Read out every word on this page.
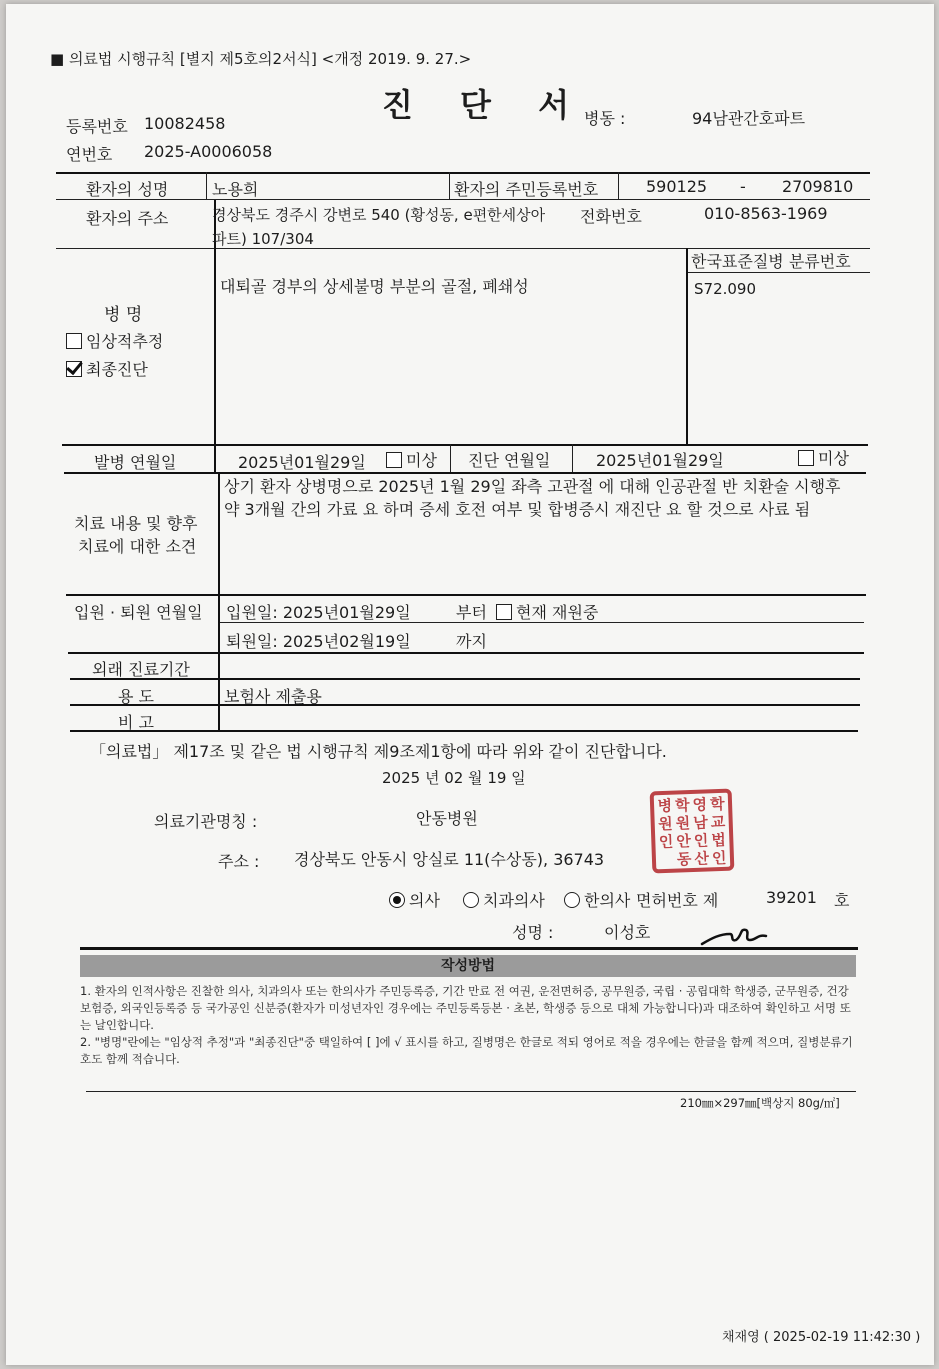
■ 의료법 시행규칙 [별지 제5호의2서식] <개정 2019. 9. 27.>
진 단 서
등록번호 10082458
연번호 2025-A0006058
병동 :	94남관간호파트
환자의 성명	노용희	환자의 주민등록번호	590125 - 2709810
환자의 주소	경상북도 경주시 강변로 540 (황성동, e편한세상아
파트) 107/304
전화번호	010-8563-1969
병 명
임상적추정
최종진단
대퇴골 경부의 상세불명 부분의 골절, 폐쇄성
한국표준질병 분류번호
S72.090
발병 연월일	2025년01월29일	미상 진단 연월일	2025년01월29일	미상
치료 내용 및 향후
치료에 대한 소견
상기 환자 상병명으로 2025년 1월 29일 좌측 고관절 에 대해 인공관절 반 치환술 시행후 약 3개월 간의 가료 요 하며 증세 호전 여부 및 합병증시 재진단 요 할 것으로 사료 됨
입원 · 퇴원 연월일 입원일: 2025년01월29일	부터	현재 재원중
퇴원일: 2025년02월19일	까지
외래 진료기간
용 도	보험사 제출용
비 고
「의료법」 제17조 및 같은 법 시행규칙 제9조제1항에 따라 위와 같이 진단합니다.
2025 년 02 월 19 일
의료기관명칭 :	안동병원
주소 : 경상북도 안동시 앙실로 11(수상동), 36743
병 학 영 학
원 원 남 교
인 안 인 법
동 산 인
의사	치과의사	한의사 면허번호 제	39201 호
성명 :	이성호
작성방법
1. 환자의 인적사항은 진찰한 의사, 치과의사 또는 한의사가 주민등록증, 기간 만료 전 여권, 운전면허증, 공무원증, 국립 · 공립대학 학생증, 군무원증, 건강보험증, 외국인등록증 등 국가공인 신분증(환자가 미성년자인 경우에는 주민등록등본 · 초본, 학생증 등으로 대체 가능합니다)과 대조하여 확인하고 서명 또는 날인합니다.
2. "병명"란에는 "임상적 추정"과 "최종진단"중 택일하여 [ ]에 √ 표시를 하고, 질병명은 한글로 적되 영어로 적을 경우에는 한글을 함께 적으며, 질병분류기호도 함께 적습니다.
210㎜×297㎜[백상지 80g/㎡]
채재영 ( 2025-02-19 11:42:30 )
